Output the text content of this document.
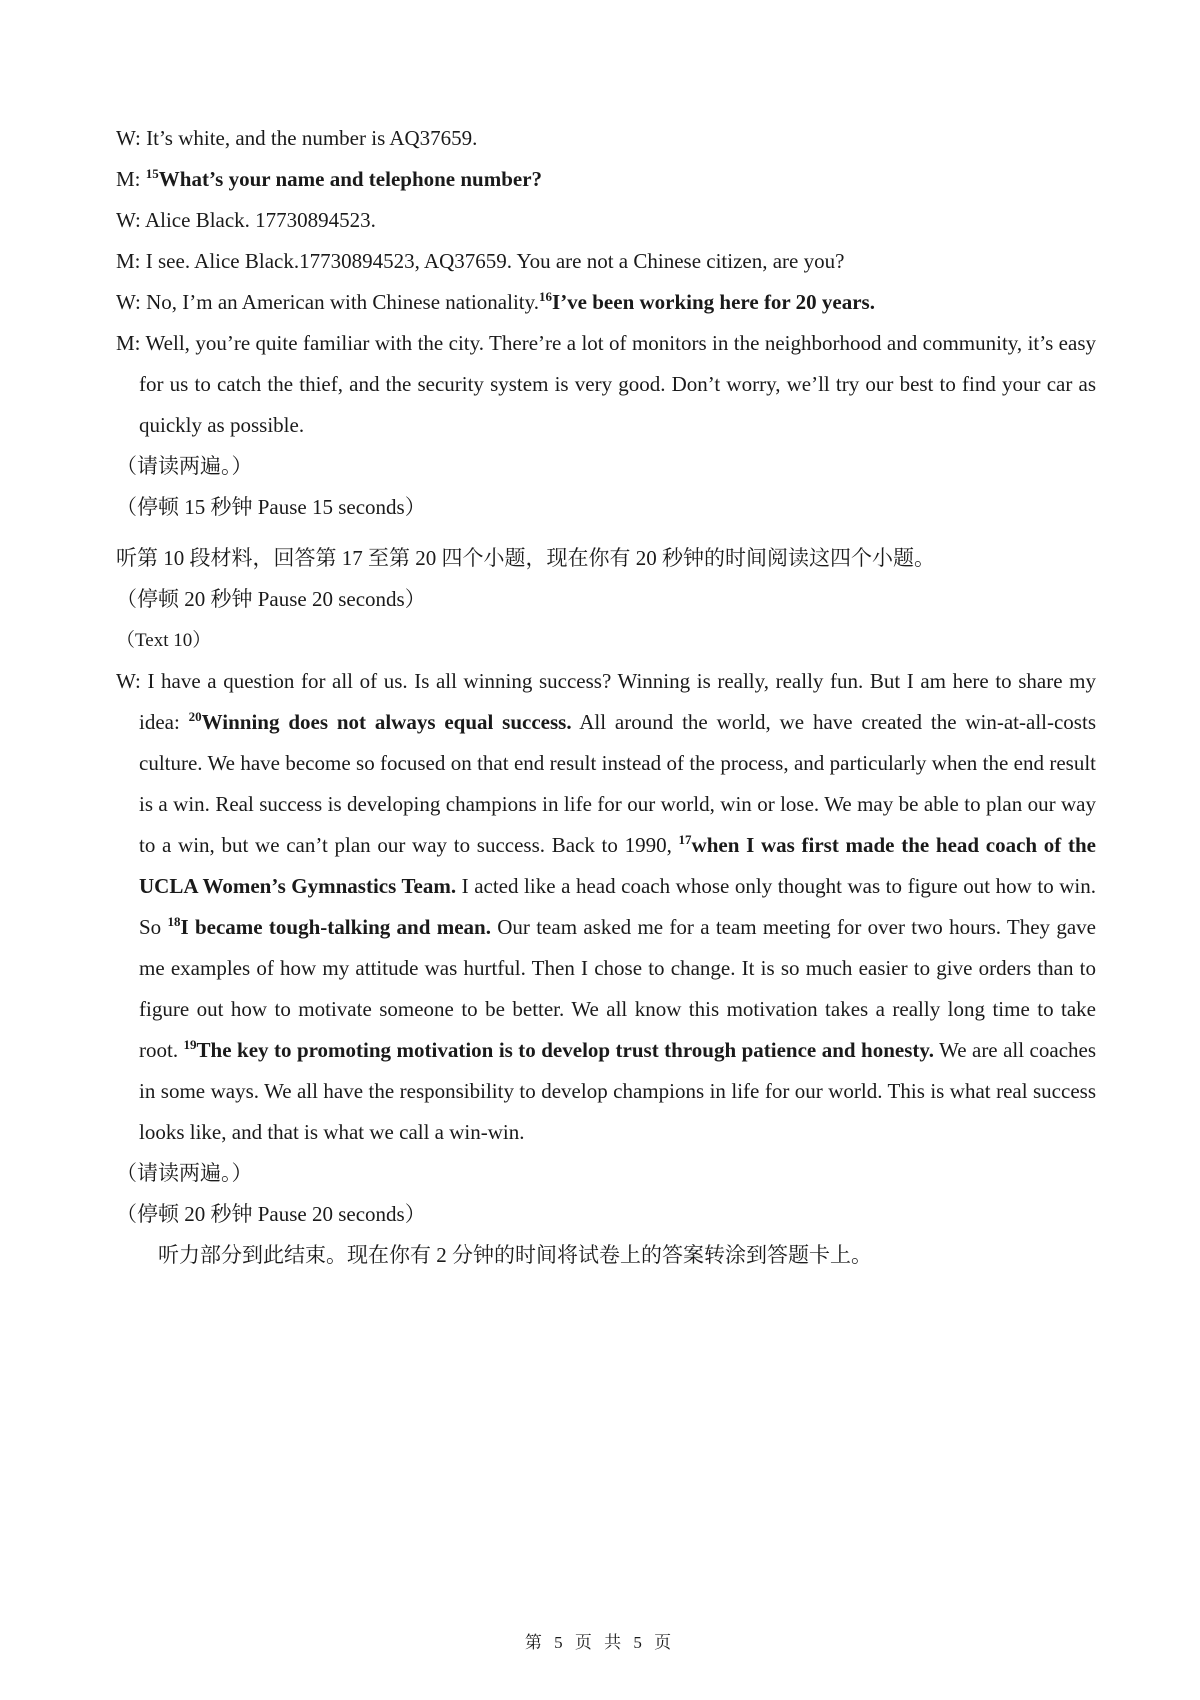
W: It’s white, and the number is AQ37659.
M: $^{15}$What’s your name and telephone number?
W: Alice Black. 17730894523.
M: I see. Alice Black.17730894523, AQ37659. You are not a Chinese citizen, are you?
W: No, I’m an American with Chinese nationality.$^{16}$I’ve been working here for 20 years.
M: Well, you’re quite familiar with the city. There’re a lot of monitors in the neighborhood and community, it’s easy for us to catch the thief, and the security system is very good. Don’t worry, we’ll try our best to find your car as quickly as possible.
（请读两遍。）
（停顿 15 秒钟 Pause 15 seconds）
听第 10 段材料，回答第 17 至第 20 四个小题，现在你有 20 秒钟的时间阅读这四个小题。
（停顿 20 秒钟 Pause 20 seconds）
（Text 10）
W: I have a question for all of us. Is all winning success? Winning is really, really fun. But I am here to share my idea: $^{20}$Winning does not always equal success. All around the world, we have created the win-at-all-costs culture. We have become so focused on that end result instead of the process, and particularly when the end result is a win. Real success is developing champions in life for our world, win or lose. We may be able to plan our way to a win, but we can’t plan our way to success. Back to 1990, $^{17}$when I was first made the head coach of the UCLA Women’s Gymnastics Team. I acted like a head coach whose only thought was to figure out how to win. So $^{18}$I became tough-talking and mean. Our team asked me for a team meeting for over two hours. They gave me examples of how my attitude was hurtful. Then I chose to change. It is so much easier to give orders than to figure out how to motivate someone to be better. We all know this motivation takes a really long time to take root. $^{19}$The key to promoting motivation is to develop trust through patience and honesty. We are all coaches in some ways. We all have the responsibility to develop champions in life for our world. This is what real success looks like, and that is what we call a win-win.
（请读两遍。）
（停顿 20 秒钟 Pause 20 seconds）
听力部分到此结束。现在你有 2 分钟的时间将试卷上的答案转涂到答题卡上。
第 5 页 共 5 页
